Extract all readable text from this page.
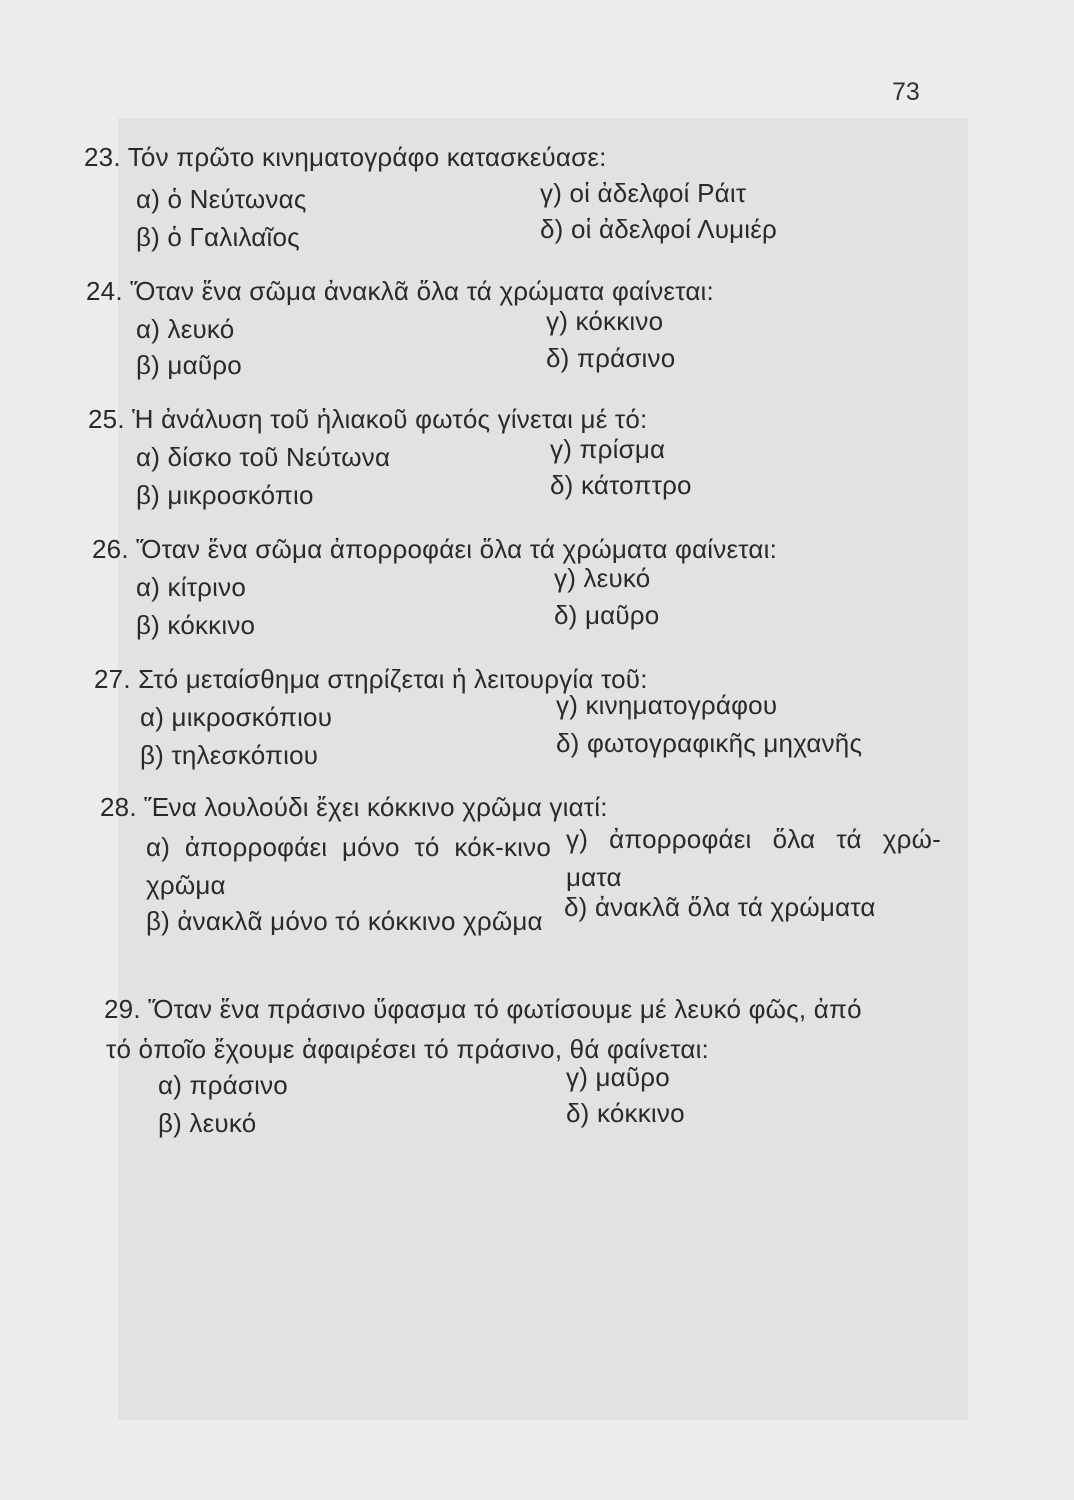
73
23. Τόν πρῶτο κινηματογράφο κατασκεύασε:
α) ὁ Νεύτωνας
β) ὁ Γαλιλαῖος
γ) οἱ ἀδελφοί Ράιτ
δ) οἱ ἀδελφοί Λυμιέρ
24. Ὅταν ἕνα σῶμα ἀνακλᾶ ὅλα τά χρώματα φαίνεται:
α) λευκό
β) μαῦρο
γ) κόκκινο
δ) πράσινο
25. Ἡ ἀνάλυση τοῦ ἡλιακοῦ φωτός γίνεται μέ τό:
α) δίσκο τοῦ Νεύτωνα
β) μικροσκόπιο
γ) πρίσμα
δ) κάτοπτρο
26. Ὅταν ἕνα σῶμα ἀπορροφάει ὅλα τά χρώματα φαίνεται:
α) κίτρινο
β) κόκκινο
γ) λευκό
δ) μαῦρο
27. Στό μεταίσθημα στηρίζεται ἡ λειτουργία τοῦ:
α) μικροσκόπιου
β) τηλεσκόπιου
γ) κινηματογράφου
δ) φωτογραφικῆς μηχανῆς
28. Ἕνα λουλούδι ἔχει κόκκινο χρῶμα γιατί:
α) ἀπορροφάει μόνο τό κόκ-κινο χρῶμα
β) ἀνακλᾶ μόνο τό κόκκινο χρῶμα
γ) ἀπορροφάει ὅλα τά χρώ-ματα
δ) ἀνακλᾶ ὅλα τά χρώματα
29. Ὅταν ἕνα πράσινο ὕφασμα τό φωτίσουμε μέ λευκό φῶς, ἀπό
τό ὁποῖο ἔχουμε ἀφαιρέσει τό πράσινο, θά φαίνεται:
α) πράσινο
β) λευκό
γ) μαῦρο
δ) κόκκινο
